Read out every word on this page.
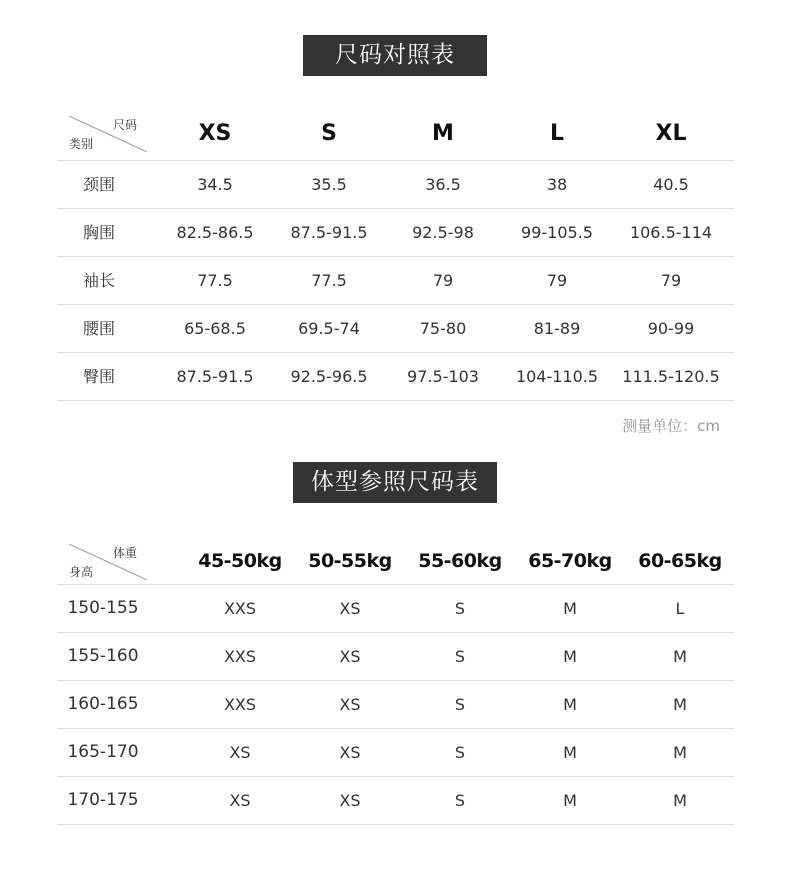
尺码对照表
尺码
类别	XS	S	M	L	XL
颈围	34.5	35.5	36.5	38	40.5
胸围	82.5-86.5	87.5-91.5	92.5-98	99-105.5	106.5-114
袖长	77.5	77.5	79	79	79
腰围	65-68.5	69.5-74	75-80	81-89	90-99
臀围	87.5-91.5	92.5-96.5	97.5-103	104-110.5	111.5-120.5
测量单位：cm
体型参照尺码表
体重
身高	45-50kg	50-55kg	55-60kg	65-70kg	60-65kg
150-155	XXS	XS	S	M	L
155-160	XXS	XS	S	M	M
160-165	XXS	XS	S	M	M
165-170	XS	XS	S	M	M
170-175	XS	XS	S	M	M
